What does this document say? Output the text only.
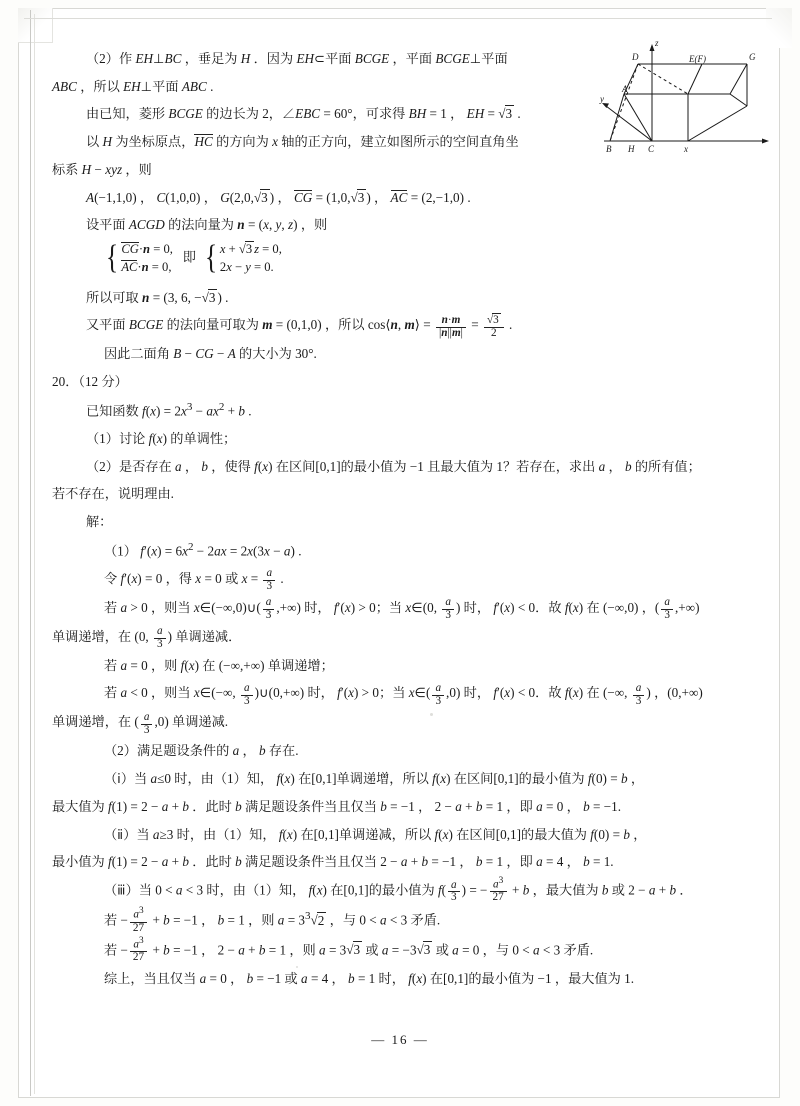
（2）作 EH⊥BC ，垂足为 H ．因为 EH⊂平面 BCGE ，平面 BCGE⊥平面

ABC ，所以 EH⊥平面 ABC .

由已知，菱形 BCGE 的边长为 2，∠EBC = 60°，可求得 BH = 1 ， EH = √3 .

以 H 为坐标原点，HC 的方向为 x 轴的正方向，建立如图所示的空间直角坐

标系 H − xyz ，则

A(−1,1,0) ， C(1,0,0) ， G(2,0,√3 ) ， CG = (1,0,√3 ) ， AC = (2,−1,0) .

设平面 ACGD 的法向量为 n = (x, y, z) ，则

{ CG·n = 0,
AC·n = 0,
即 { x + √3 z = 0,
2x − y = 0.

所以可取 n = (3, 6, −√3 ) .

又平面 BCGE 的法向量可取为 m = (0,1,0) ，所以 cos⟨n, m⟩ = $\frac{n\cdot m}{|n||m|} = \frac{√3}{2}$ .

因此二面角 B − CG − A 的大小为 30°.

20．（12 分）

已知函数 $f(x) = 2x^3 - ax^2 + b$ .

（1）讨论 f(x) 的单调性；

（2）是否存在 a ， b ，使得 f(x) 在区间[0,1]的最小值为 −1 且最大值为 1？若存在，求出 a ， b 的所有值；

若不存在，说明理由.

解：

（1） $f'(x) = 6x^2 - 2ax = 2x(3x - a)$ .

令 f′(x) = 0 ，得 x = 0 或 $x = \frac{a}{3}$ .

若 a > 0 ，则当 x∈(−∞,0)∪( $\frac{a}{3}$ ,+∞) 时， f′(x) > 0；当 x∈(0, $\frac{a}{3}$ ) 时， f′(x) < 0．故 f(x) 在 (−∞,0) ，( $\frac{a}{3}$ ,+∞)

单调递增，在 (0, $\frac{a}{3}$ ) 单调递减．

若 a = 0 ，则 f(x) 在 (−∞,+∞) 单调递增；

若 a < 0 ，则当 x∈(−∞, $\frac{a}{3}$ )∪(0,+∞) 时， f′(x) > 0；当 x∈( $\frac{a}{3} ,0$) 时， f′(x) < 0．故 f(x) 在 (−∞, $\frac{a}{3}$ ) ，(0,+∞)

单调递增，在 ( $\frac{a}{3} ,0$) 单调递减.

（2）满足题设条件的 a ， b 存在.

（ⅰ）当 a≤0 时，由（1）知， f(x) 在[0,1]单调递增，所以 f(x) 在区间[0,1]的最小值为 f(0) = b ，

最大值为 f(1) = 2 − a + b ．此时 b 满足题设条件当且仅当 b = −1 ， 2 − a + b = 1 ，即 a = 0 ， b = −1.

（ⅱ）当 a≥3 时，由（1）知， f(x) 在[0,1]单调递减，所以 f(x) 在区间[0,1]的最大值为 f(0) = b ，

最小值为 f(1) = 2 − a + b ．此时 b 满足题设条件当且仅当 2 − a + b = −1 ， b = 1 ，即 a = 4 ， b = 1.

（ⅲ）当 0 < a < 3 时，由（1）知， f(x) 在[0,1]的最小值为 $f( \frac{a}{3}$ ) = − $\frac{a^3}{27} + b$ ，最大值为 b 或 2 − a + b ．

若 − $\frac{a^3}{27} + b = -1$ ， b = 1 ，则 $a = 3^3√2$ ，与 0 < a < 3 矛盾.

若 − $\frac{a^3}{27} + b = -1$ ， 2 − a + b = 1 ，则 a = 3√3 或 a = −3√3 或 a = 0 ，与 0 < a < 3 矛盾.

综上，当且仅当 a = 0 ， b = −1 或 a = 4 ， b = 1 时， f(x) 在[0,1]的最小值为 −1 ，最大值为 1.

z
D	E(F)	G
A
y
B H C	x
— 16 —
